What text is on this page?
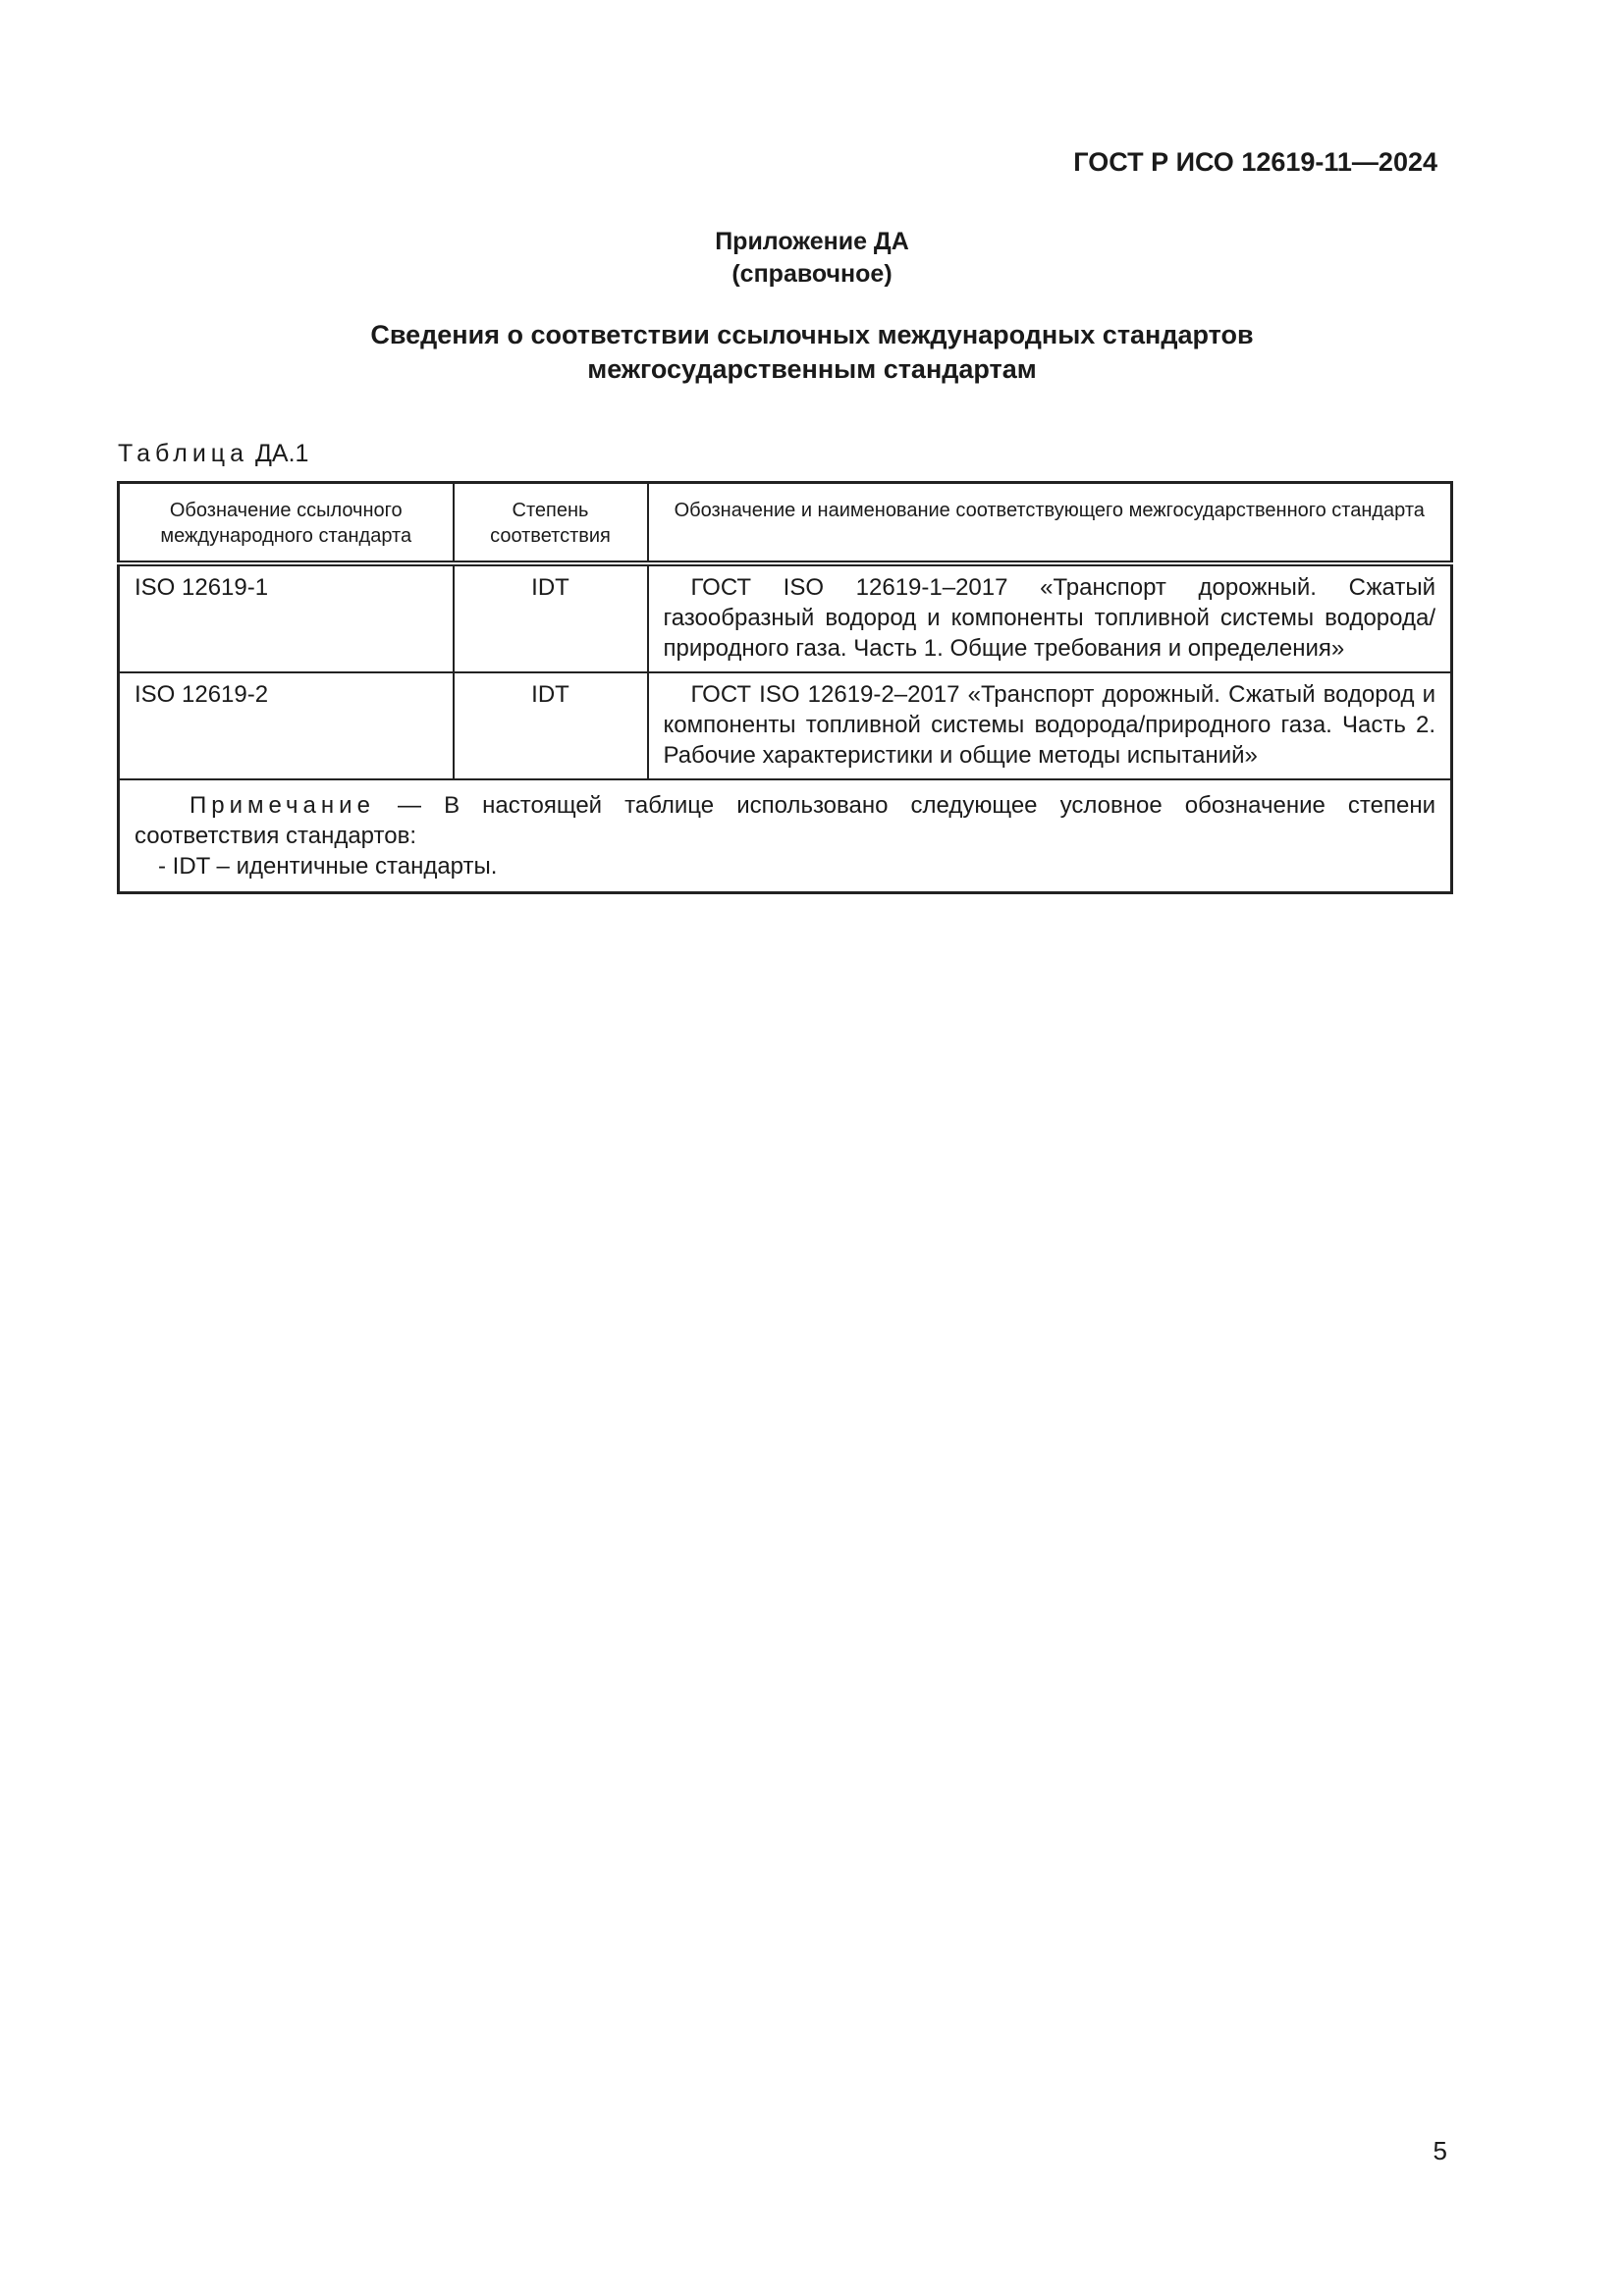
ГОСТ Р ИСО 12619-11—2024

Приложение ДА
(справочное)
Сведения о соответствии ссылочных международных стандартов
межгосударственным стандартам

Таблица ДА.1

Обозначение ссылочного международного стандарта	Степень соответствия	Обозначение и наименование соответствующего межгосударственного стандарта
ISO 12619-1	IDT	ГОСТ ISO 12619-1–2017 «Транспорт дорожный. Сжатый газообразный водород и компоненты топливной системы водорода/природного газа. Часть 1. Общие требования и определения»

ISO 12619-2	IDT	ГОСТ ISO 12619-2–2017 «Транспорт дорожный. Сжатый водород и компоненты топливной системы водорода/природного газа. Часть 2. Рабочие характеристики и общие методы испытаний»

Примечание — В настоящей таблице использовано следующее условное обозначение степени соответствия стандартов:
- IDT – идентичные стандарты.		

5
